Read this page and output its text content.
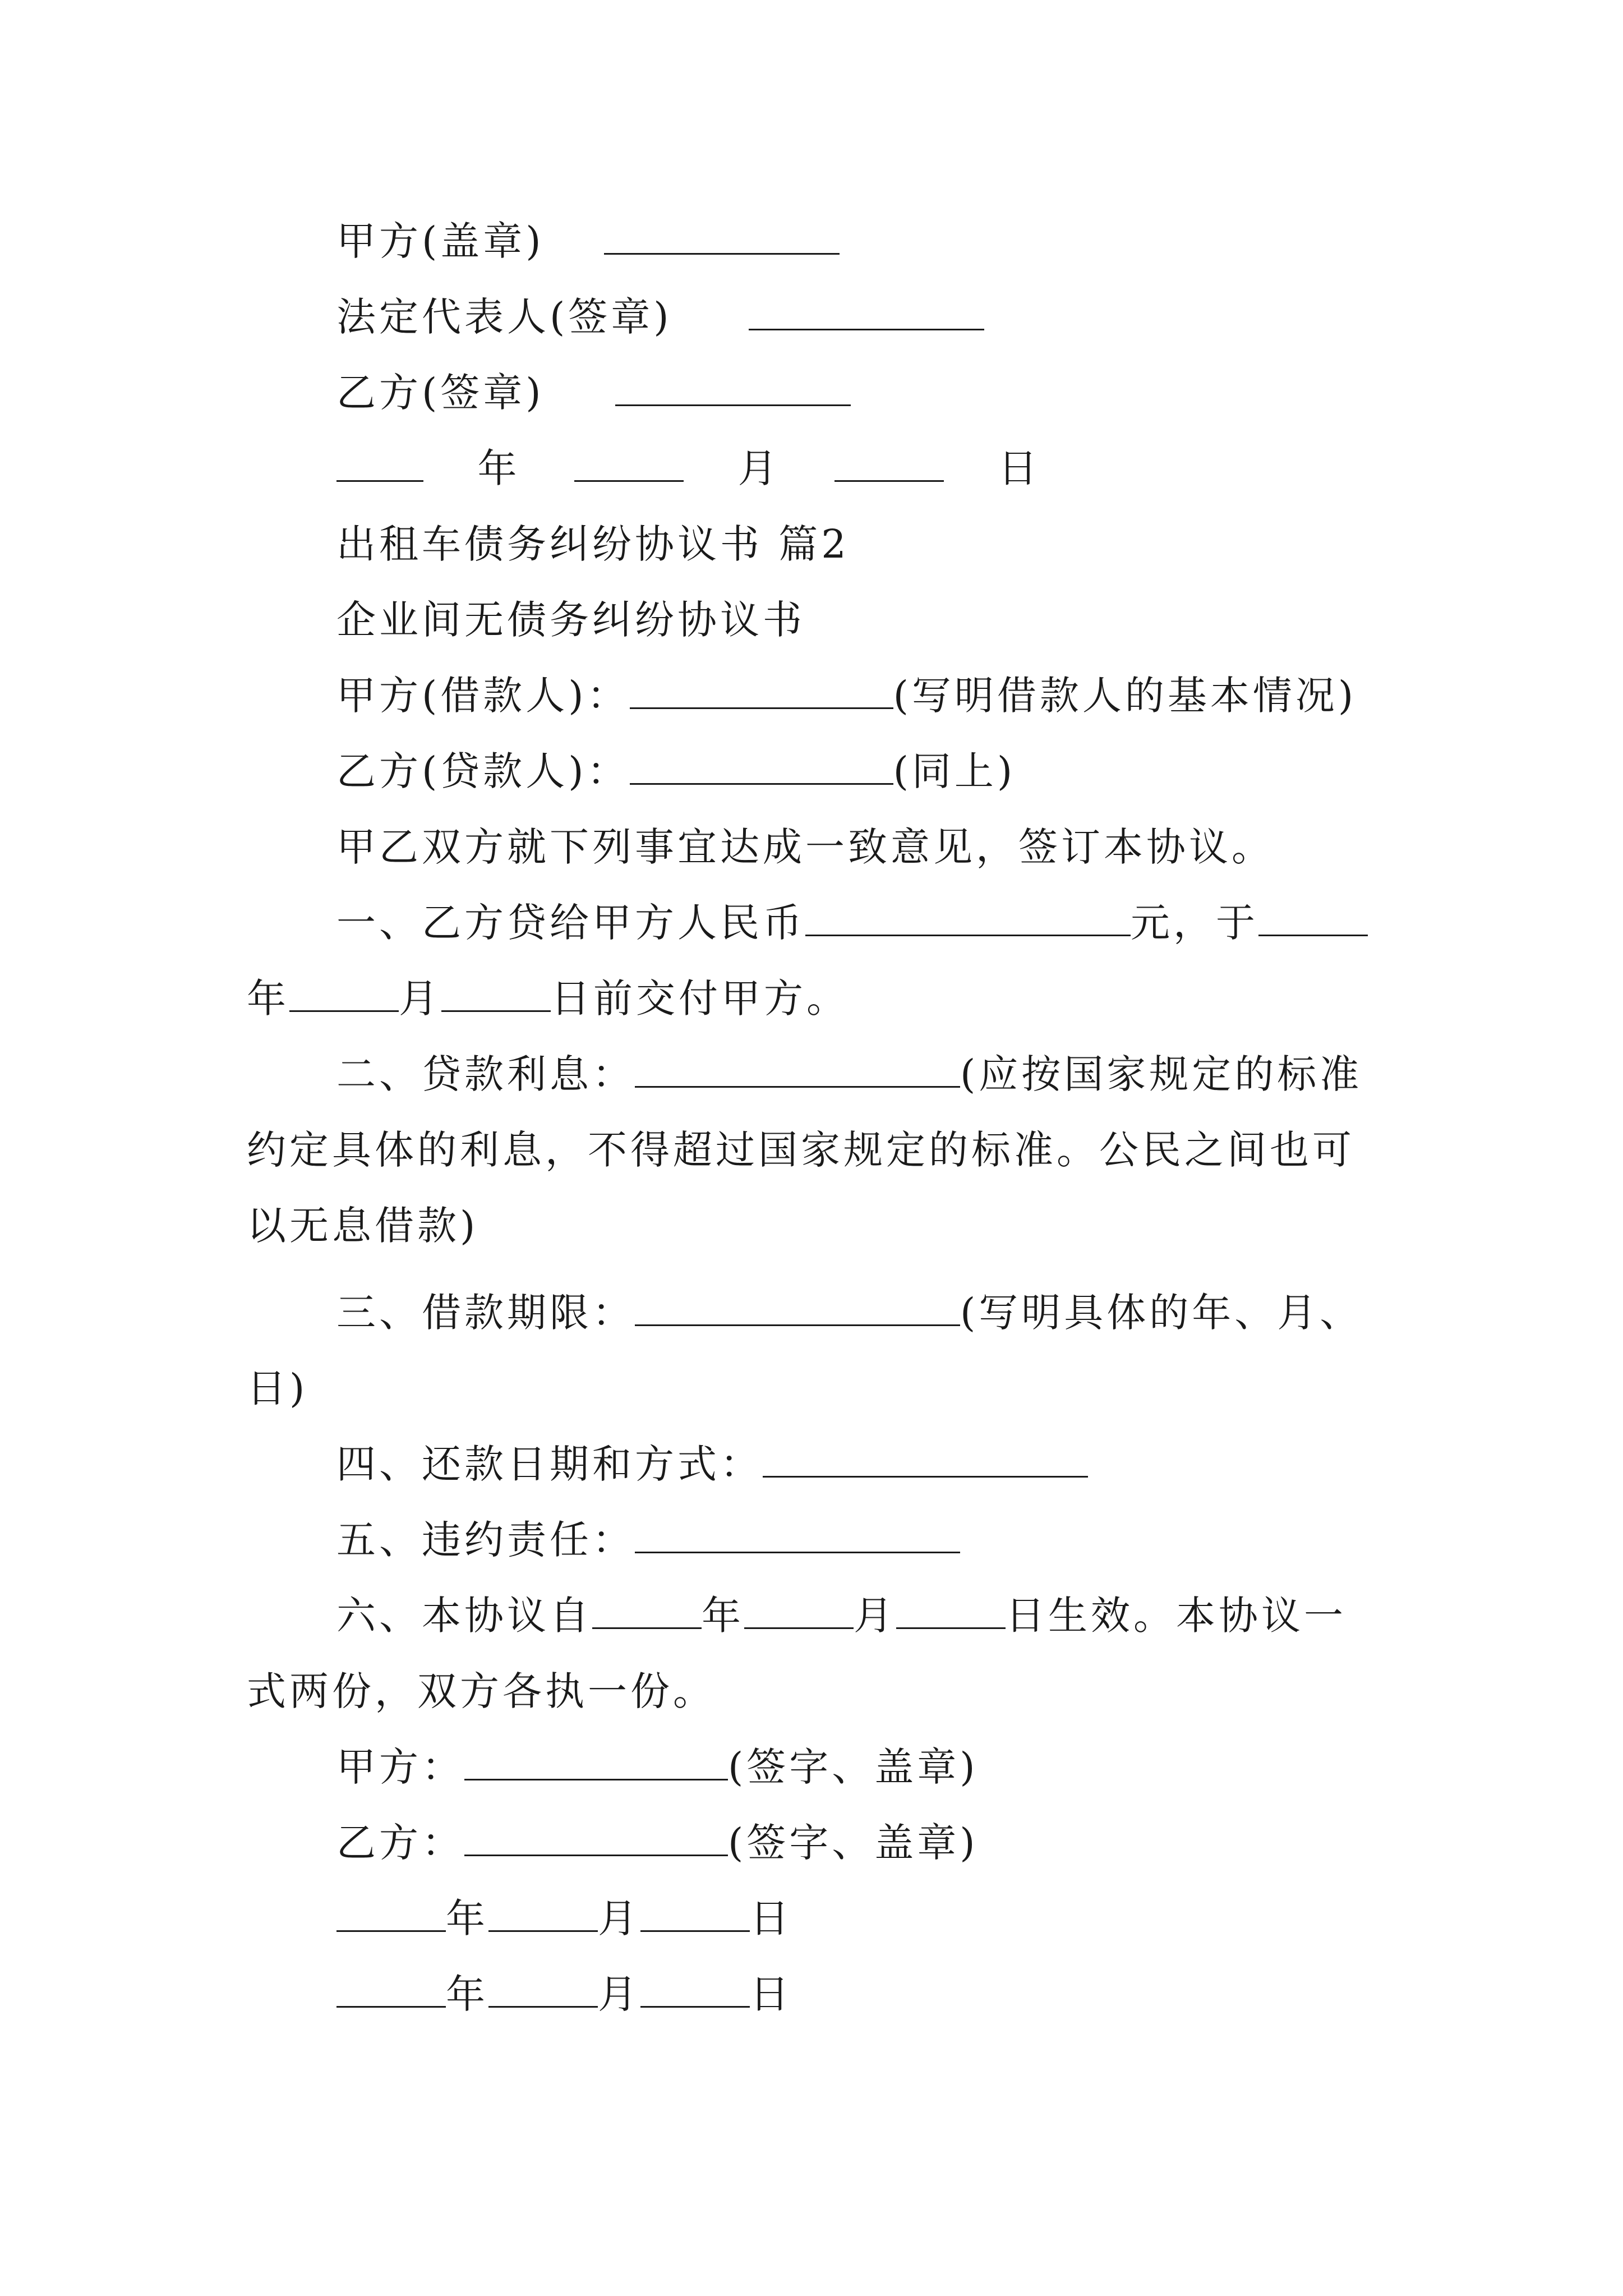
甲方(盖章)
法定代表人(签章)
乙方(签章)
年	月	日
出租车债务纠纷协议书 篇2
企业间无债务纠纷协议书
甲方(借款人)：	(写明借款人的基本情况)
乙方(贷款人)：	(同上)
甲乙双方就下列事宜达成一致意见，签订本协议。
一、乙方贷给甲方人民币	元，于
年	月	日前交付甲方。
二、贷款利息：	(应按国家规定的标准
约定具体的利息，不得超过国家规定的标准。公民之间也可
以无息借款)
三、借款期限：	(写明具体的年、月、
日)
四、还款日期和方式：
五、违约责任：
六、本协议自	年	月	日生效。本协议一
式两份，双方各执一份。
甲方：	(签字、盖章)
乙方：	(签字、盖章)
年	月	日
年	月	日
